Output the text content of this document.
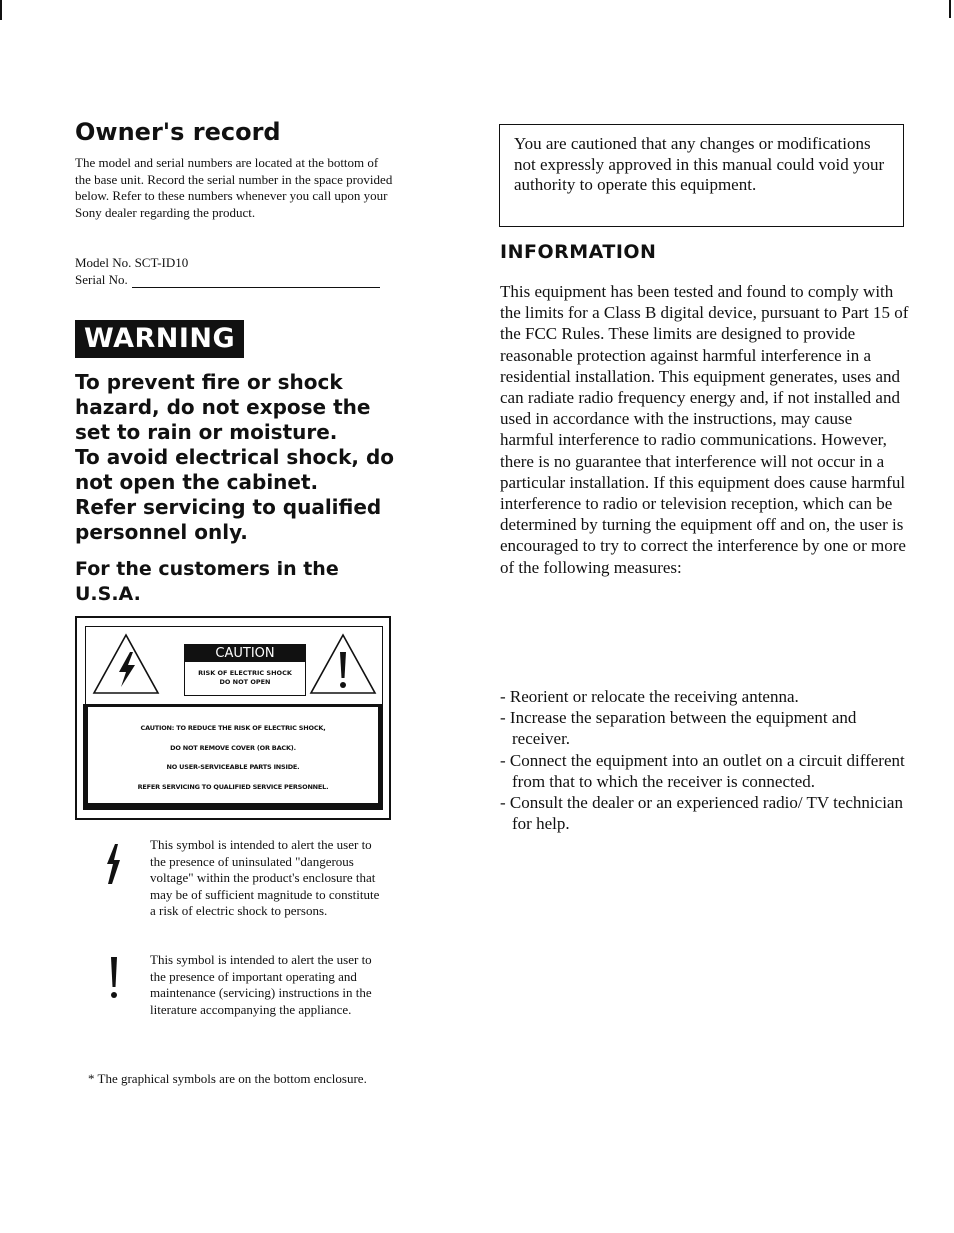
Owner's record
The model and serial numbers are located at the bottom of the base unit. Record the serial number in the space provided below. Refer to these numbers whenever you call upon your Sony dealer regarding the product.
Model No. SCT-ID10
Serial No.
WARNING
To prevent fire or shock hazard, do not expose the set to rain or moisture.
To avoid electrical shock, do not open the cabinet.
Refer servicing to qualified personnel only.
For the customers in the U.S.A.
CAUTION
RISK OF ELECTRIC SHOCK
DO NOT OPEN
CAUTION: TO REDUCE THE RISK OF ELECTRIC SHOCK,
DO NOT REMOVE COVER (OR BACK).
NO USER-SERVICEABLE PARTS INSIDE.
REFER SERVICING TO QUALIFIED SERVICE PERSONNEL.
This symbol is intended to alert the user to the presence of uninsulated "dangerous voltage" within the product's enclosure that may be of sufficient magnitude to constitute a risk of electric shock to persons.
This symbol is intended to alert the user to the presence of important operating and maintenance (servicing) instructions in the literature accompanying the appliance.
* The graphical symbols are on the bottom enclosure.
You are cautioned that any changes or modifications not expressly approved in this manual could void your authority to operate this equipment.
INFORMATION
This equipment has been tested and found to comply with the limits for a Class B digital device, pursuant to Part 15 of the FCC Rules. These limits are designed to provide reasonable protection against harmful interference in a residential installation. This equipment generates, uses and can radiate radio frequency energy and, if not installed and used in accordance with the instructions, may cause harmful interference to radio communications. However, there is no guarantee that interference will not occur in a particular installation. If this equipment does cause harmful interference to radio or television reception, which can be determined by turning the equipment off and on, the user is encouraged to try to correct the interference by one or more of the following measures:
- Reorient or relocate the receiving antenna.
- Increase the separation between the equipment and receiver.
- Connect the equipment into an outlet on a circuit different from that to which the receiver is connected.
- Consult the dealer or an experienced radio/ TV technician for help.
